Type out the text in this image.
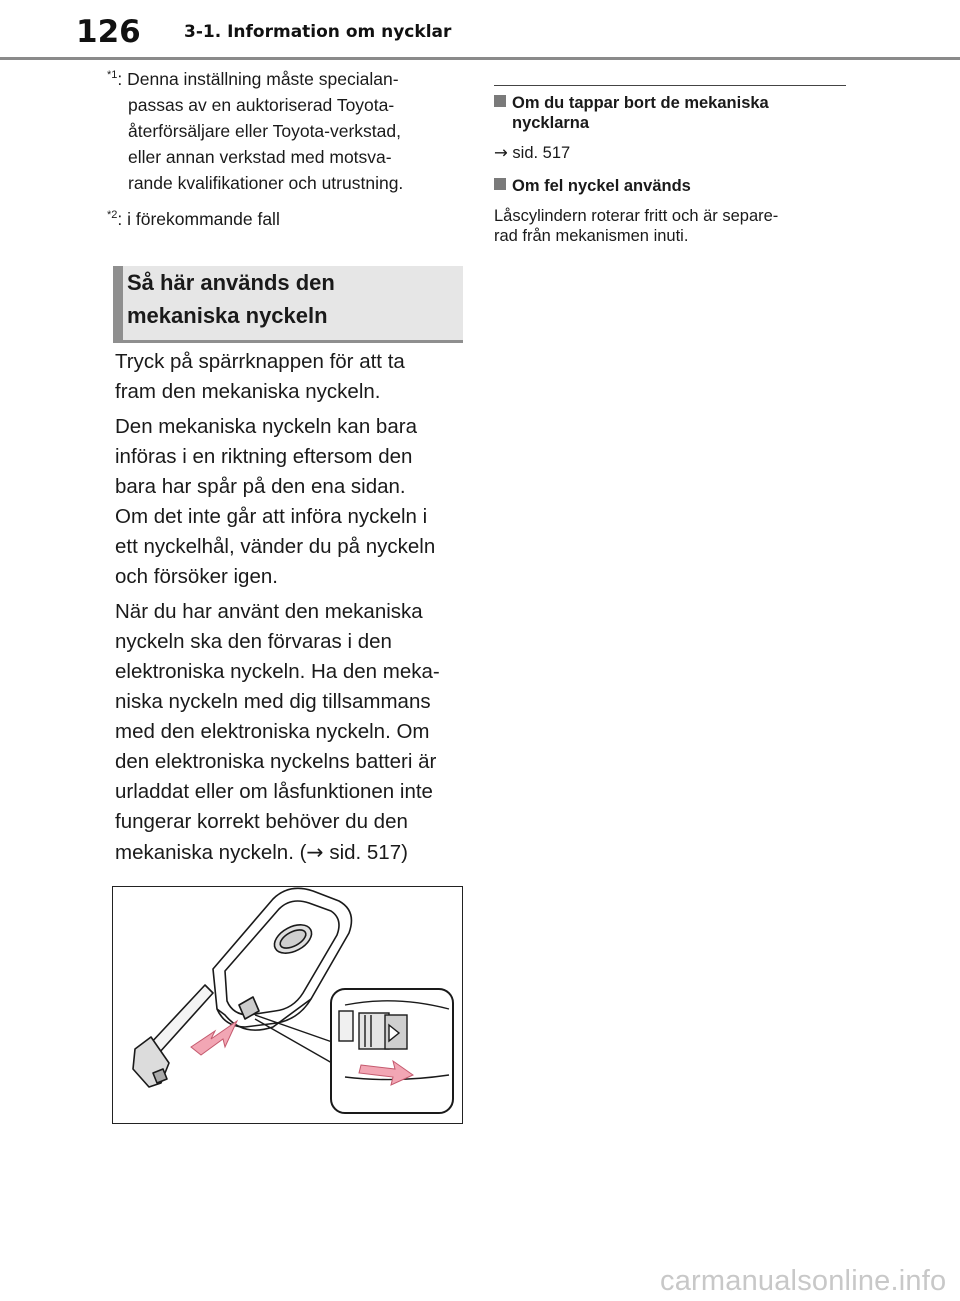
126	3-1. Information om nycklar
$^{*1}$: Denna inställning måste specialan-
passas av en auktoriserad Toyota-
återförsäljare eller Toyota-verkstad,
eller annan verkstad med motsva-
rande kvalifikationer och utrustning.
$^{*2}$: i förekommande fall
Så här används den
mekaniska nyckeln

Tryck på spärrknappen för att ta

fram den mekaniska nyckeln.

Den mekaniska nyckeln kan bara

införas i en riktning eftersom den

bara har spår på den ena sidan.

Om det inte går att införa nyckeln i

ett nyckelhål, vänder du på nyckeln

och försöker igen.

När du har använt den mekaniska

nyckeln ska den förvaras i den

elektroniska nyckeln. Ha den meka-

niska nyckeln med dig tillsammans

med den elektroniska nyckeln. Om

den elektroniska nyckelns batteri är

urladdat eller om låsfunktionen inte

fungerar korrekt behöver du den

mekaniska nyckeln. (→ sid. 517)

Om du tappar bort de mekaniska
nycklarna
→ sid. 517
Om fel nyckel används
Låscylindern roterar fritt och är separe-
rad från mekanismen inuti.
carmanualsonline.info
